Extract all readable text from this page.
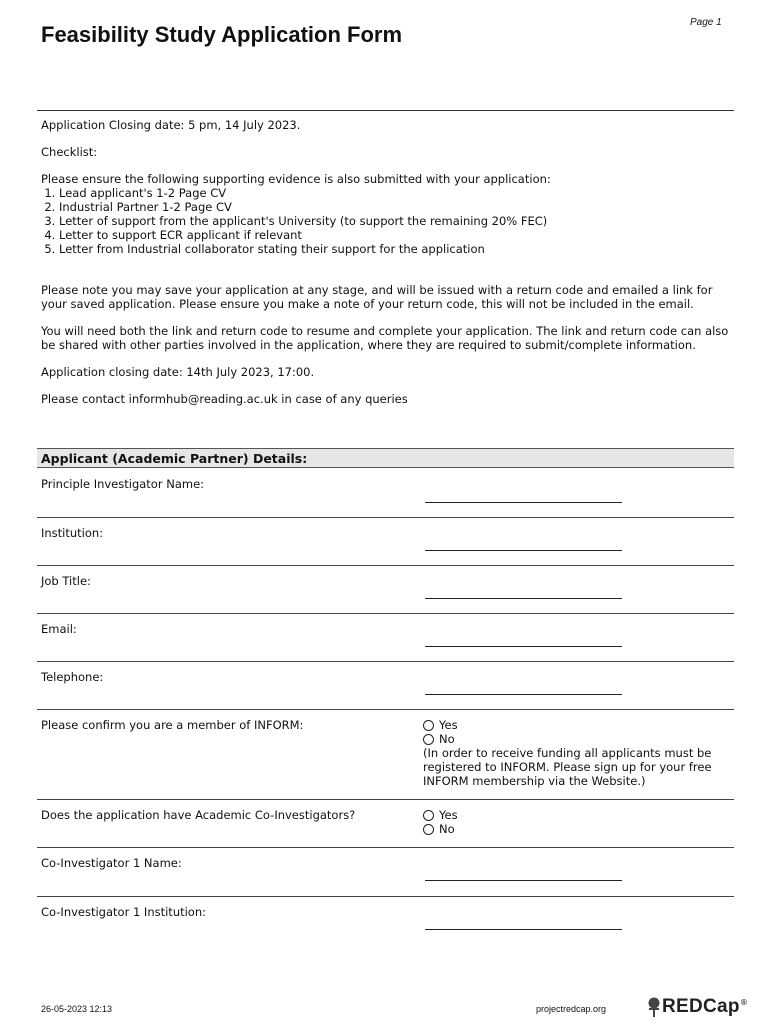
Page 1
Feasibility Study Application Form

Application Closing date: 5 pm, 14 July 2023.

Checklist:

Please ensure the following supporting evidence is also submitted with your application:
1. Lead applicant's 1-2 Page CV
2. Industrial Partner 1-2 Page CV
3. Letter of support from the applicant's University (to support the remaining 20% FEC)
4. Letter to support ECR applicant if relevant
5. Letter from Industrial collaborator stating their support for the application

Please note you may save your application at any stage, and will be issued with a return code and emailed a link for your saved application. Please ensure you make a note of your return code, this will not be included in the email.

You will need both the link and return code to resume and complete your application. The link and return code can also be shared with other parties involved in the application, where they are required to submit/complete information.

Application closing date: 14th July 2023, 17:00.

Please contact informhub@reading.ac.uk in case of any queries

Applicant (Academic Partner) Details:
Principle Investigator Name:
Institution:
Job Title:
Email:
Telephone:
Please confirm you are a member of INFORM:	Yes
No
(In order to receive funding all applicants must be registered to INFORM. Please sign up for your free INFORM membership via the Website.)
Does the application have Academic Co-Investigators?	Yes
No
Co-Investigator 1 Name:
Co-Investigator 1 Institution:
26-05-2023 12:13	projectredcap.org	REDCap ®
